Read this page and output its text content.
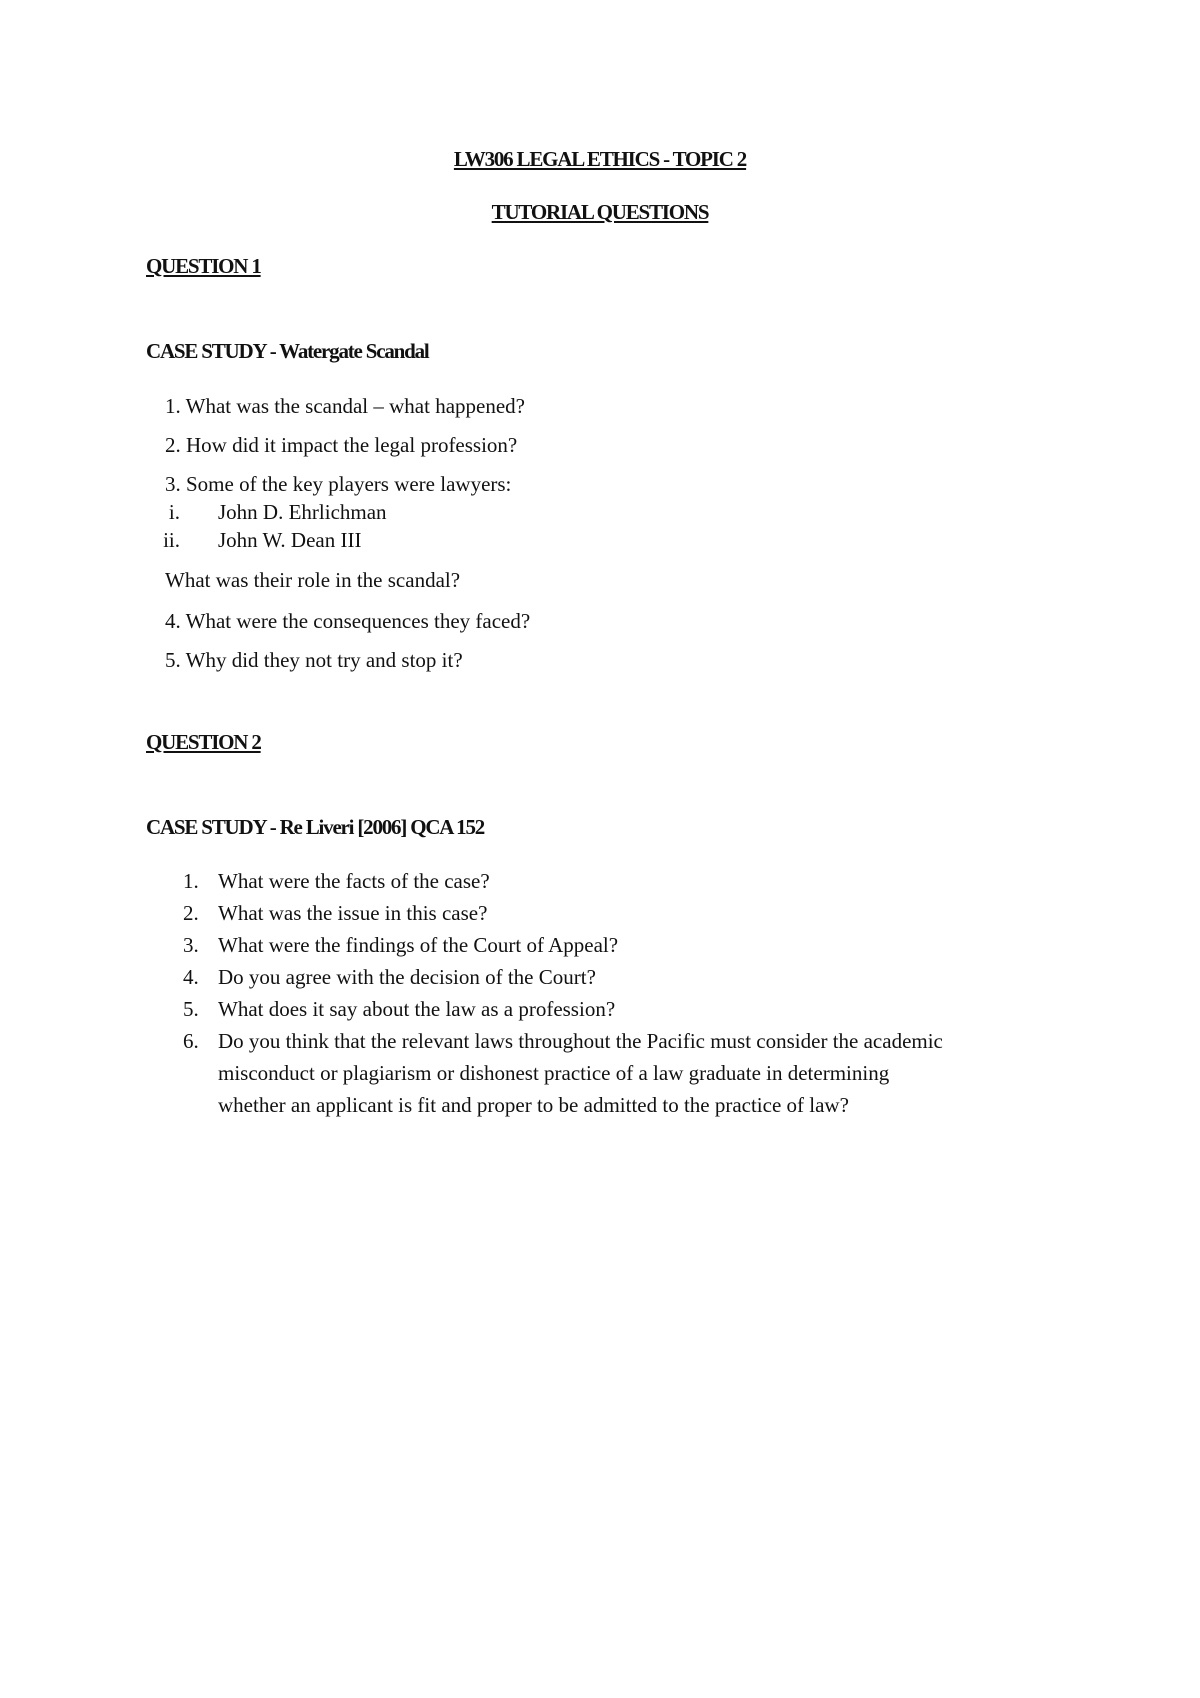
LW306 LEGAL ETHICS - TOPIC 2
TUTORIAL QUESTIONS
QUESTION 1
CASE STUDY - Watergate Scandal
1. What was the scandal – what happened?
2. How did it impact the legal profession?
3. Some of the key players were lawyers:
i. John D. Ehrlichman
ii. John W. Dean III
What was their role in the scandal?
4. What were the consequences they faced?
5. Why did they not try and stop it?
QUESTION 2
CASE STUDY - Re Liveri [2006] QCA 152
1. What were the facts of the case?
2. What was the issue in this case?
3. What were the findings of the Court of Appeal?
4. Do you agree with the decision of the Court?
5. What does it say about the law as a profession?
6. Do you think that the relevant laws throughout the Pacific must consider the academic
misconduct or plagiarism or dishonest practice of a law graduate in determining
whether an applicant is fit and proper to be admitted to the practice of law?
